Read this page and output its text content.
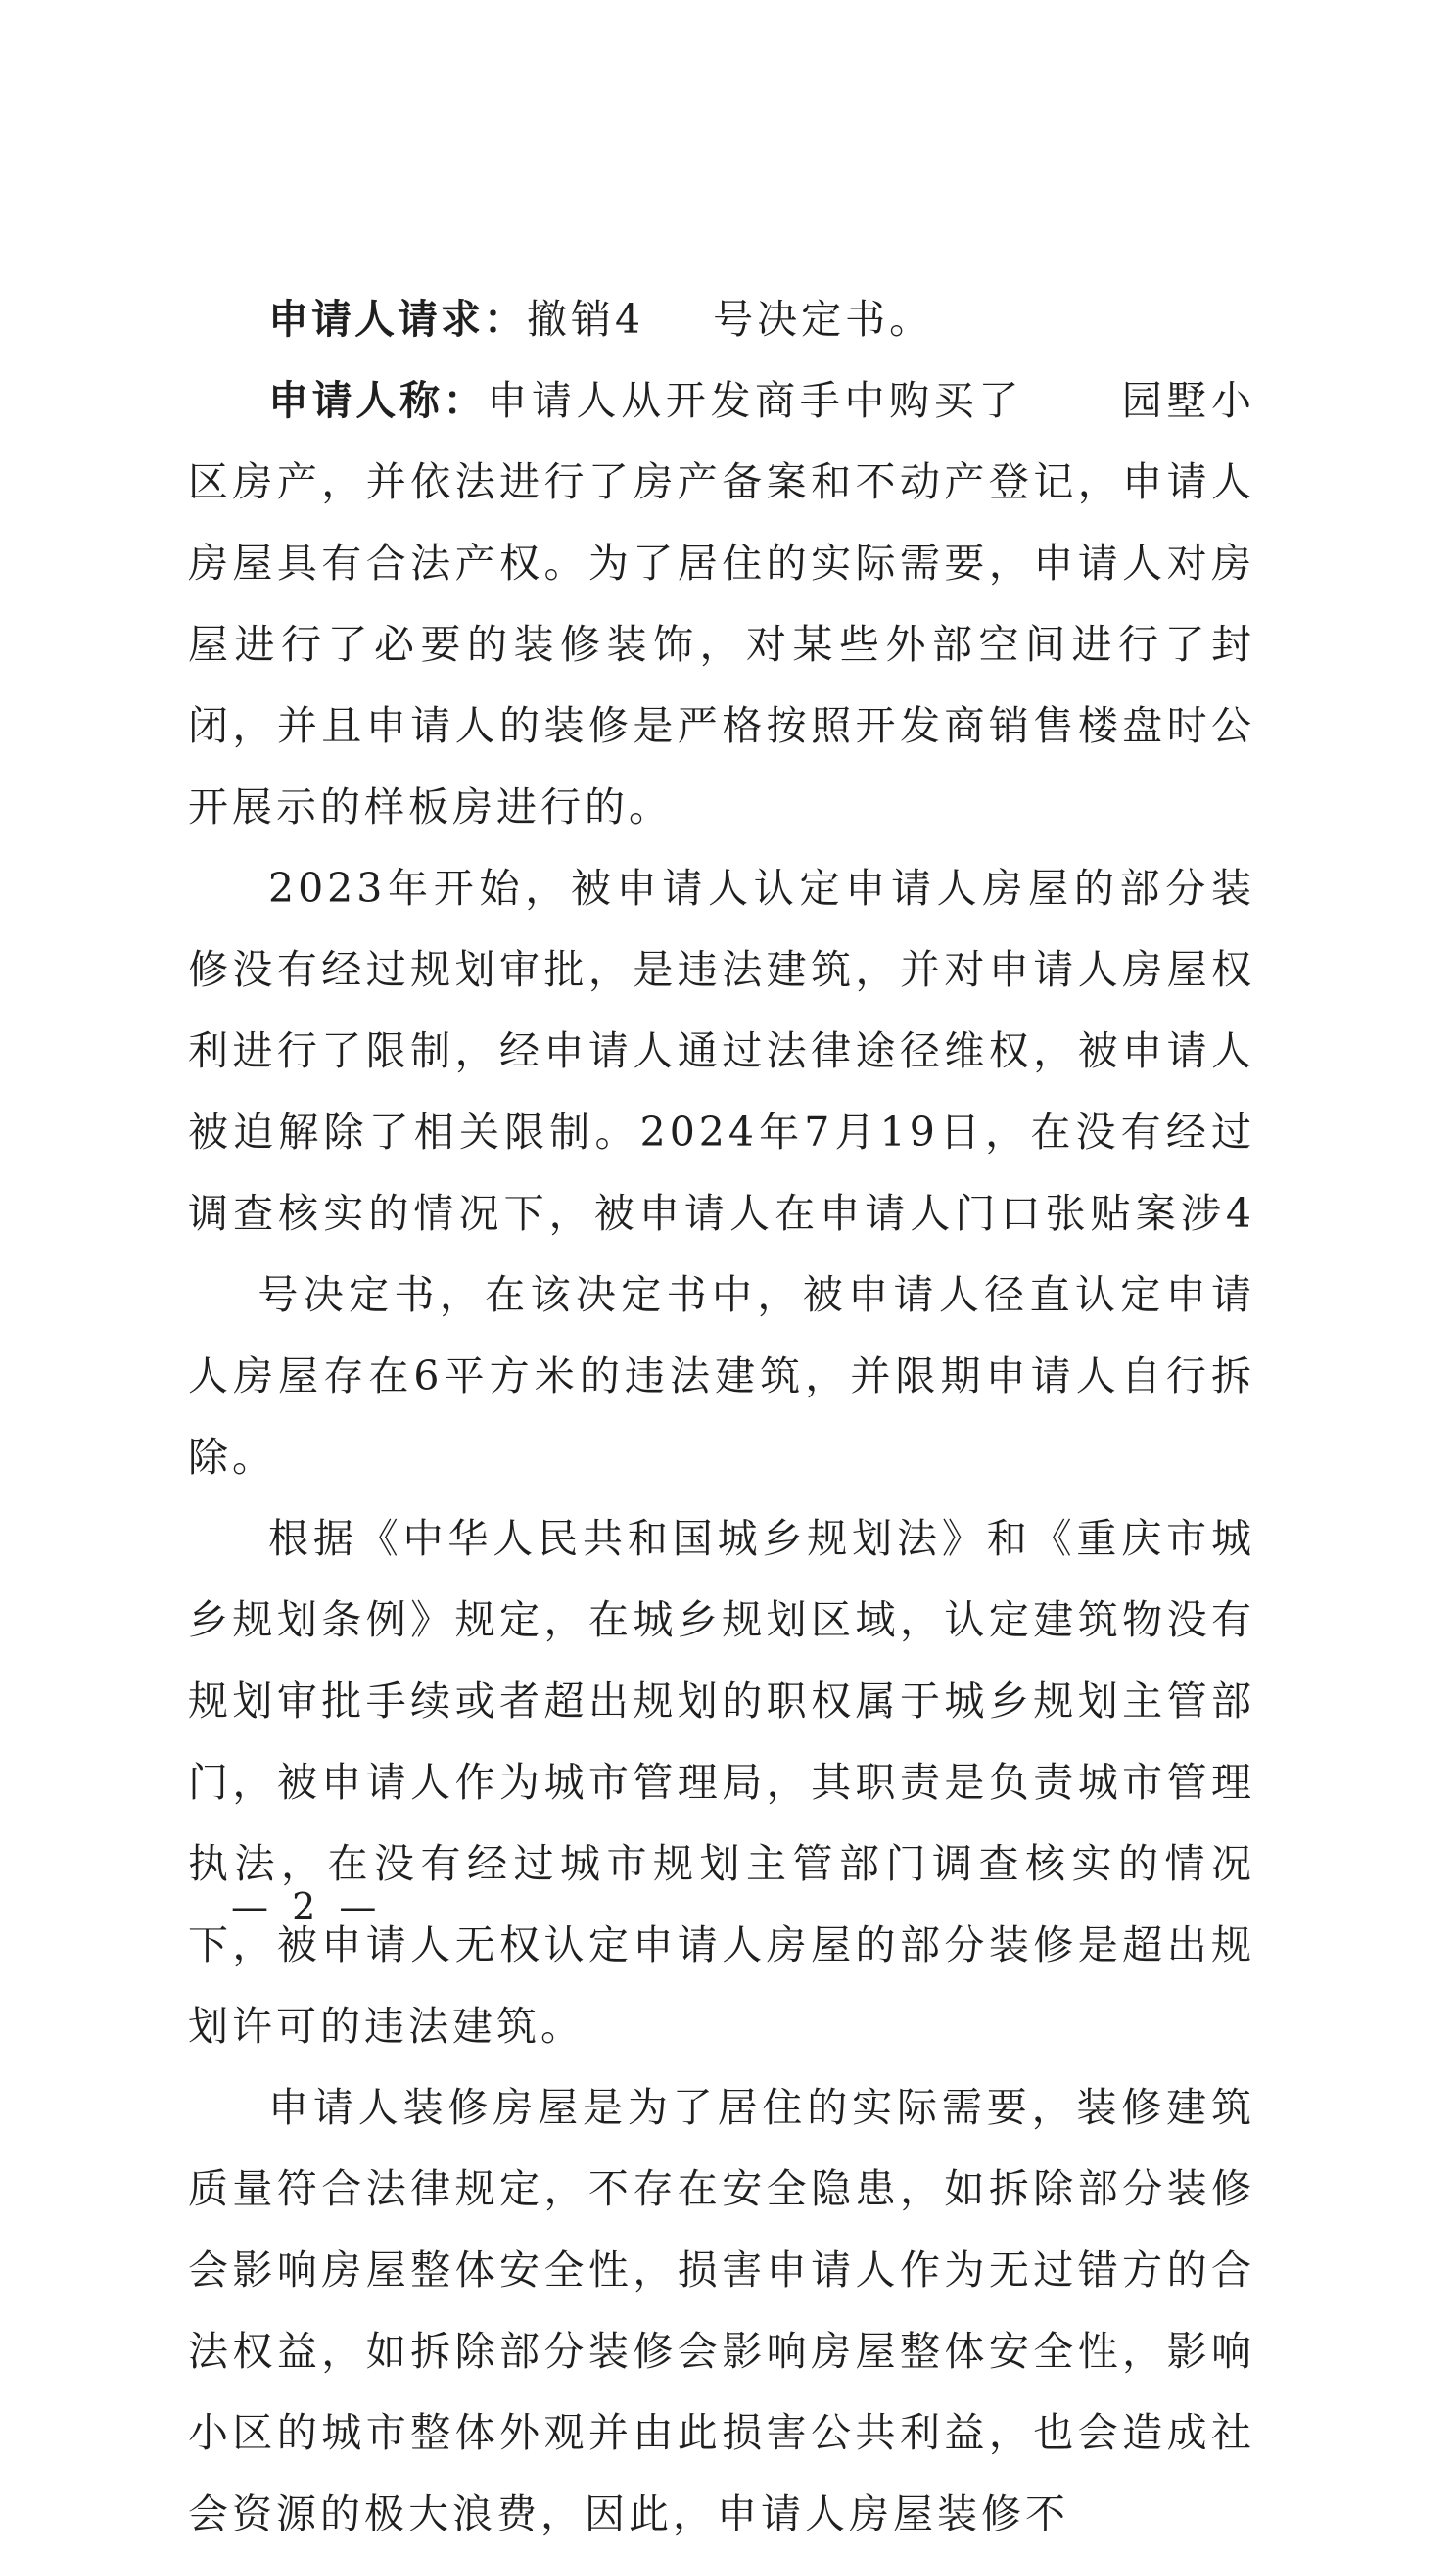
申请人请求：撤销4 号决定书。

申请人称：申请人从开发商手中购买了 园墅小区房产，并依法进行了房产备案和不动产登记，申请人房屋具有合法产权。为了居住的实际需要，申请人对房屋进行了必要的装修装饰，对某些外部空间进行了封闭，并且申请人的装修是严格按照开发商销售楼盘时公开展示的样板房进行的。

2023年开始，被申请人认定申请人房屋的部分装修没有经过规划审批，是违法建筑，并对申请人房屋权利进行了限制，经申请人通过法律途径维权，被申请人被迫解除了相关限制。2024年7月19日，在没有经过调查核实的情况下，被申请人在申请人门口张贴案涉4号决定书，在该决定书中，被申请人径直认定申请人房屋存在6平方米的违法建筑，并限期申请人自行拆除。

根据《中华人民共和国城乡规划法》和《重庆市城乡规划条例》规定，在城乡规划区域，认定建筑物没有规划审批手续或者超出规划的职权属于城乡规划主管部门，被申请人作为城市管理局，其职责是负责城市管理执法，在没有经过城市规划主管部门调查核实的情况下，被申请人无权认定申请人房屋的部分装修是超出规划许可的违法建筑。

申请人装修房屋是为了居住的实际需要，装修建筑质量符合法律规定，不存在安全隐患，如拆除部分装修会影响房屋整体安全性，损害申请人作为无过错方的合法权益，如拆除部分装修会影响房屋整体安全性，影响小区的城市整体外观并由此损害公共利益，也会造成社会资源的极大浪费，因此，申请人房屋装修不

— 2 —
